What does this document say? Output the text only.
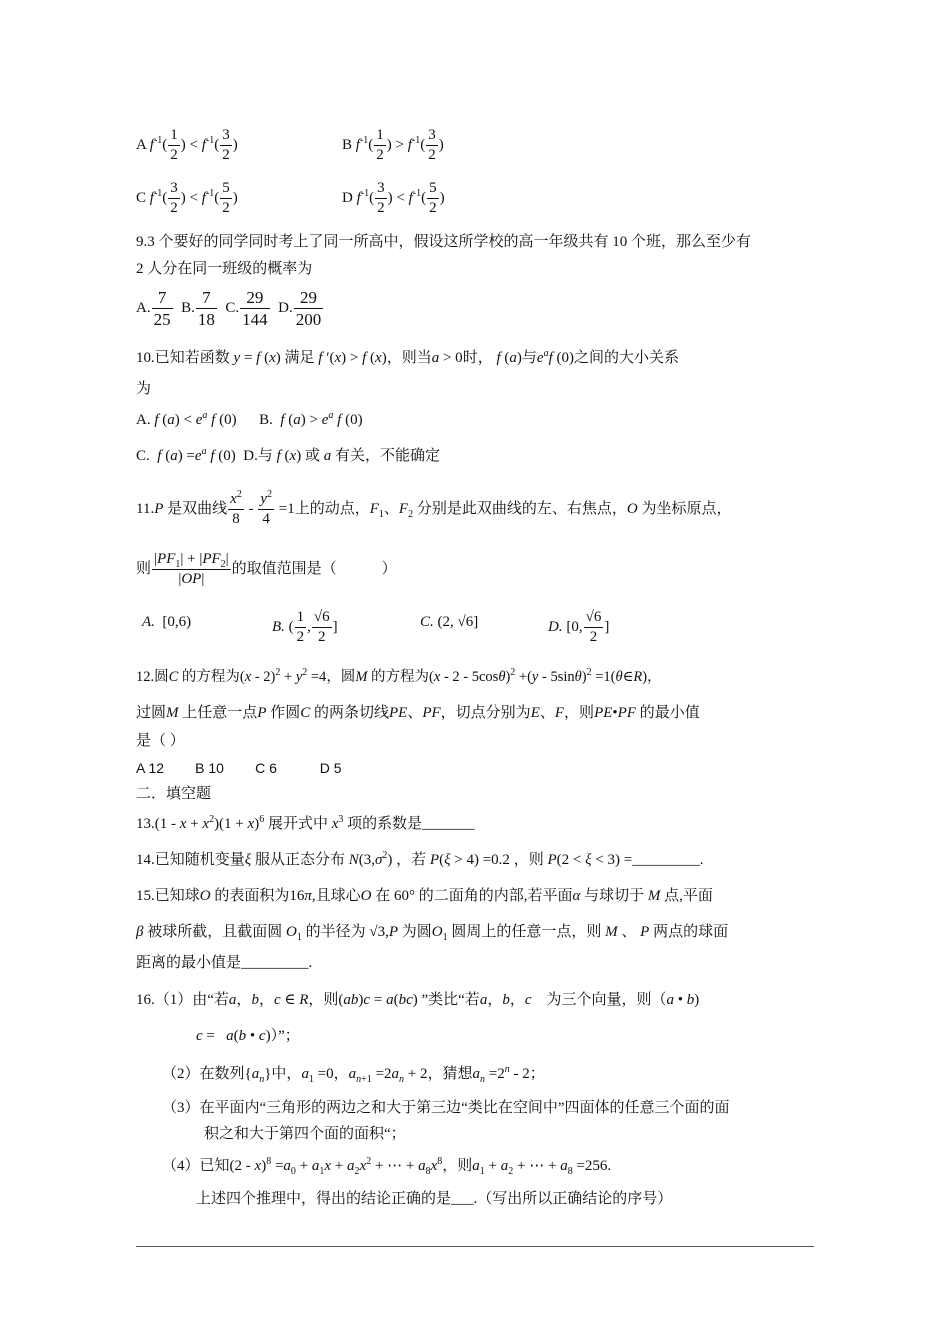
A $f^{-1}( \frac{1}{2}$ ) < $f^{-1}( \frac{3}{2}$ )	B $f^{-1}( \frac{1}{2}$ ) > $f^{-1}( \frac{3}{2}$ )
C $f^{-1}( \frac{3}{2}$ ) < $f^{-1}( \frac{5}{2}$ )	D $f^{-1}( \frac{3}{2}$ ) < $f^{-1}( \frac{5}{2}$ )
9.3 个要好的同学同时考上了同一所高中，假设这所学校的高一年级共有 10 个班，那么至少有
2 人分在同一班级的概率为
A. $\frac{7}{25} B$. $\frac{7}{18} C$. $\frac{29}{144} D$. $\frac{29}{200}$
10.已知若函数 y = f (x) 满足 f ′(x) > f (x)，则当a > 0时， f (a)与$e^af$ (0)之间的大小关系
为
A. f $(a) < e^a$ f (0)      B. f $(a) > e^a$ f (0)
C. f $(a) =e^a$ f (0)  D.与 f (x) 或 a 有关，不能确定
11.P 是双曲线 $\frac{x^2}{8} - \frac{y^2}{4} =1$上的动点，$F_1$、$F_2$ 分别是此双曲线的左、右焦点，O 为坐标原点，
则 $\frac{|PF_1| + |PF_2|}{|OP|}$ 的取值范围是（　　　）
A. [0,6)	B. ( $\frac{1}{2}$ , $\frac{√6}{2}$ ]	C. (2, √6]	D. [0, $\frac{√6}{2}$ ]
12.圆C 的方程为$(x - 2)^2 + y^2 =4$，圆M 的方程为(x - 2 - 5cosθ)$^2$ +(y - 5sinθ)$^2$ =1(θ∈R)，
过圆M 上任意一点P 作圆C 的两条切线PE、PF，切点分别为E、F，则PE•PF 的最小值
是（ ）
A 12 B 10 C 6	D 5
二．填空题
$13.(1 - x + x^2)(1 + x)^6$ 展开式中 $x^3$ 项的系数是_______
14.已知随机变量ξ 服从正态分布 $N(3,\sigma^2)$ ，若 P(ξ > 4) =0.2 ，则 P(2 < ξ < 3) =_________.
15.已知球O 的表面积为16π,且球心O 在 60° 的二面角的内部,若平面α 与球切于 M 点,平面
β 被球所截，且截面圆 $O_1$ 的半径为 √3,P 为圆$O_1$ 圆周上的任意一点，则 M 、 P 两点的球面
距离的最小值是_________.
16.（1）由“若a，b，c ∈ R，则(ab)c = a(bc) ”类比“若a，b，c　为三个向量，则（a • b)
c =   a(b • c)）”；
（2）在数列$\{a_n\}$中，$a_1 =0$，$a_{n+1} =2a_n + 2$，猜想$a_n =2^n - 2$；
（3）在平面内“三角形的两边之和大于第三边“类比在空间中”四面体的任意三个面的面
积之和大于第四个面的面积“；
（4）已知$(2 - x)^8 =a_0 + a_1x + a_2x^2$ + ⋯ + $a_8x^8$，则$a_1 + a_2$ + ⋯ + $a_8 =256$.
上述四个推理中，得出的结论正确的是___.（写出所以正确结论的序号）
